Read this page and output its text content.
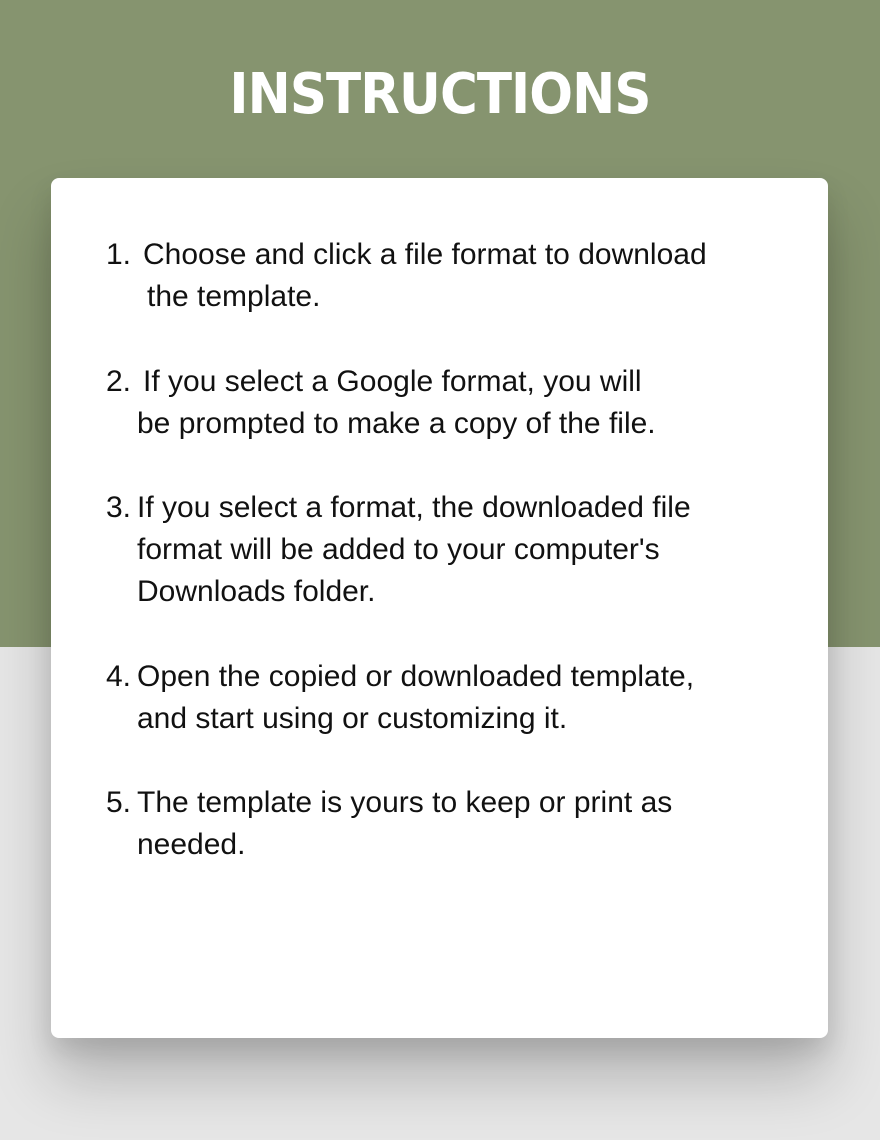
INSTRUCTIONS
1. Choose and click a file format to download
the template.
2. If you select a Google format, you will
be prompted to make a copy of the file.
3. If you select a format, the downloaded file
format will be added to your computer's
Downloads folder.
4. Open the copied or downloaded template,
and start using or customizing it.
5. The template is yours to keep or print as
needed.
